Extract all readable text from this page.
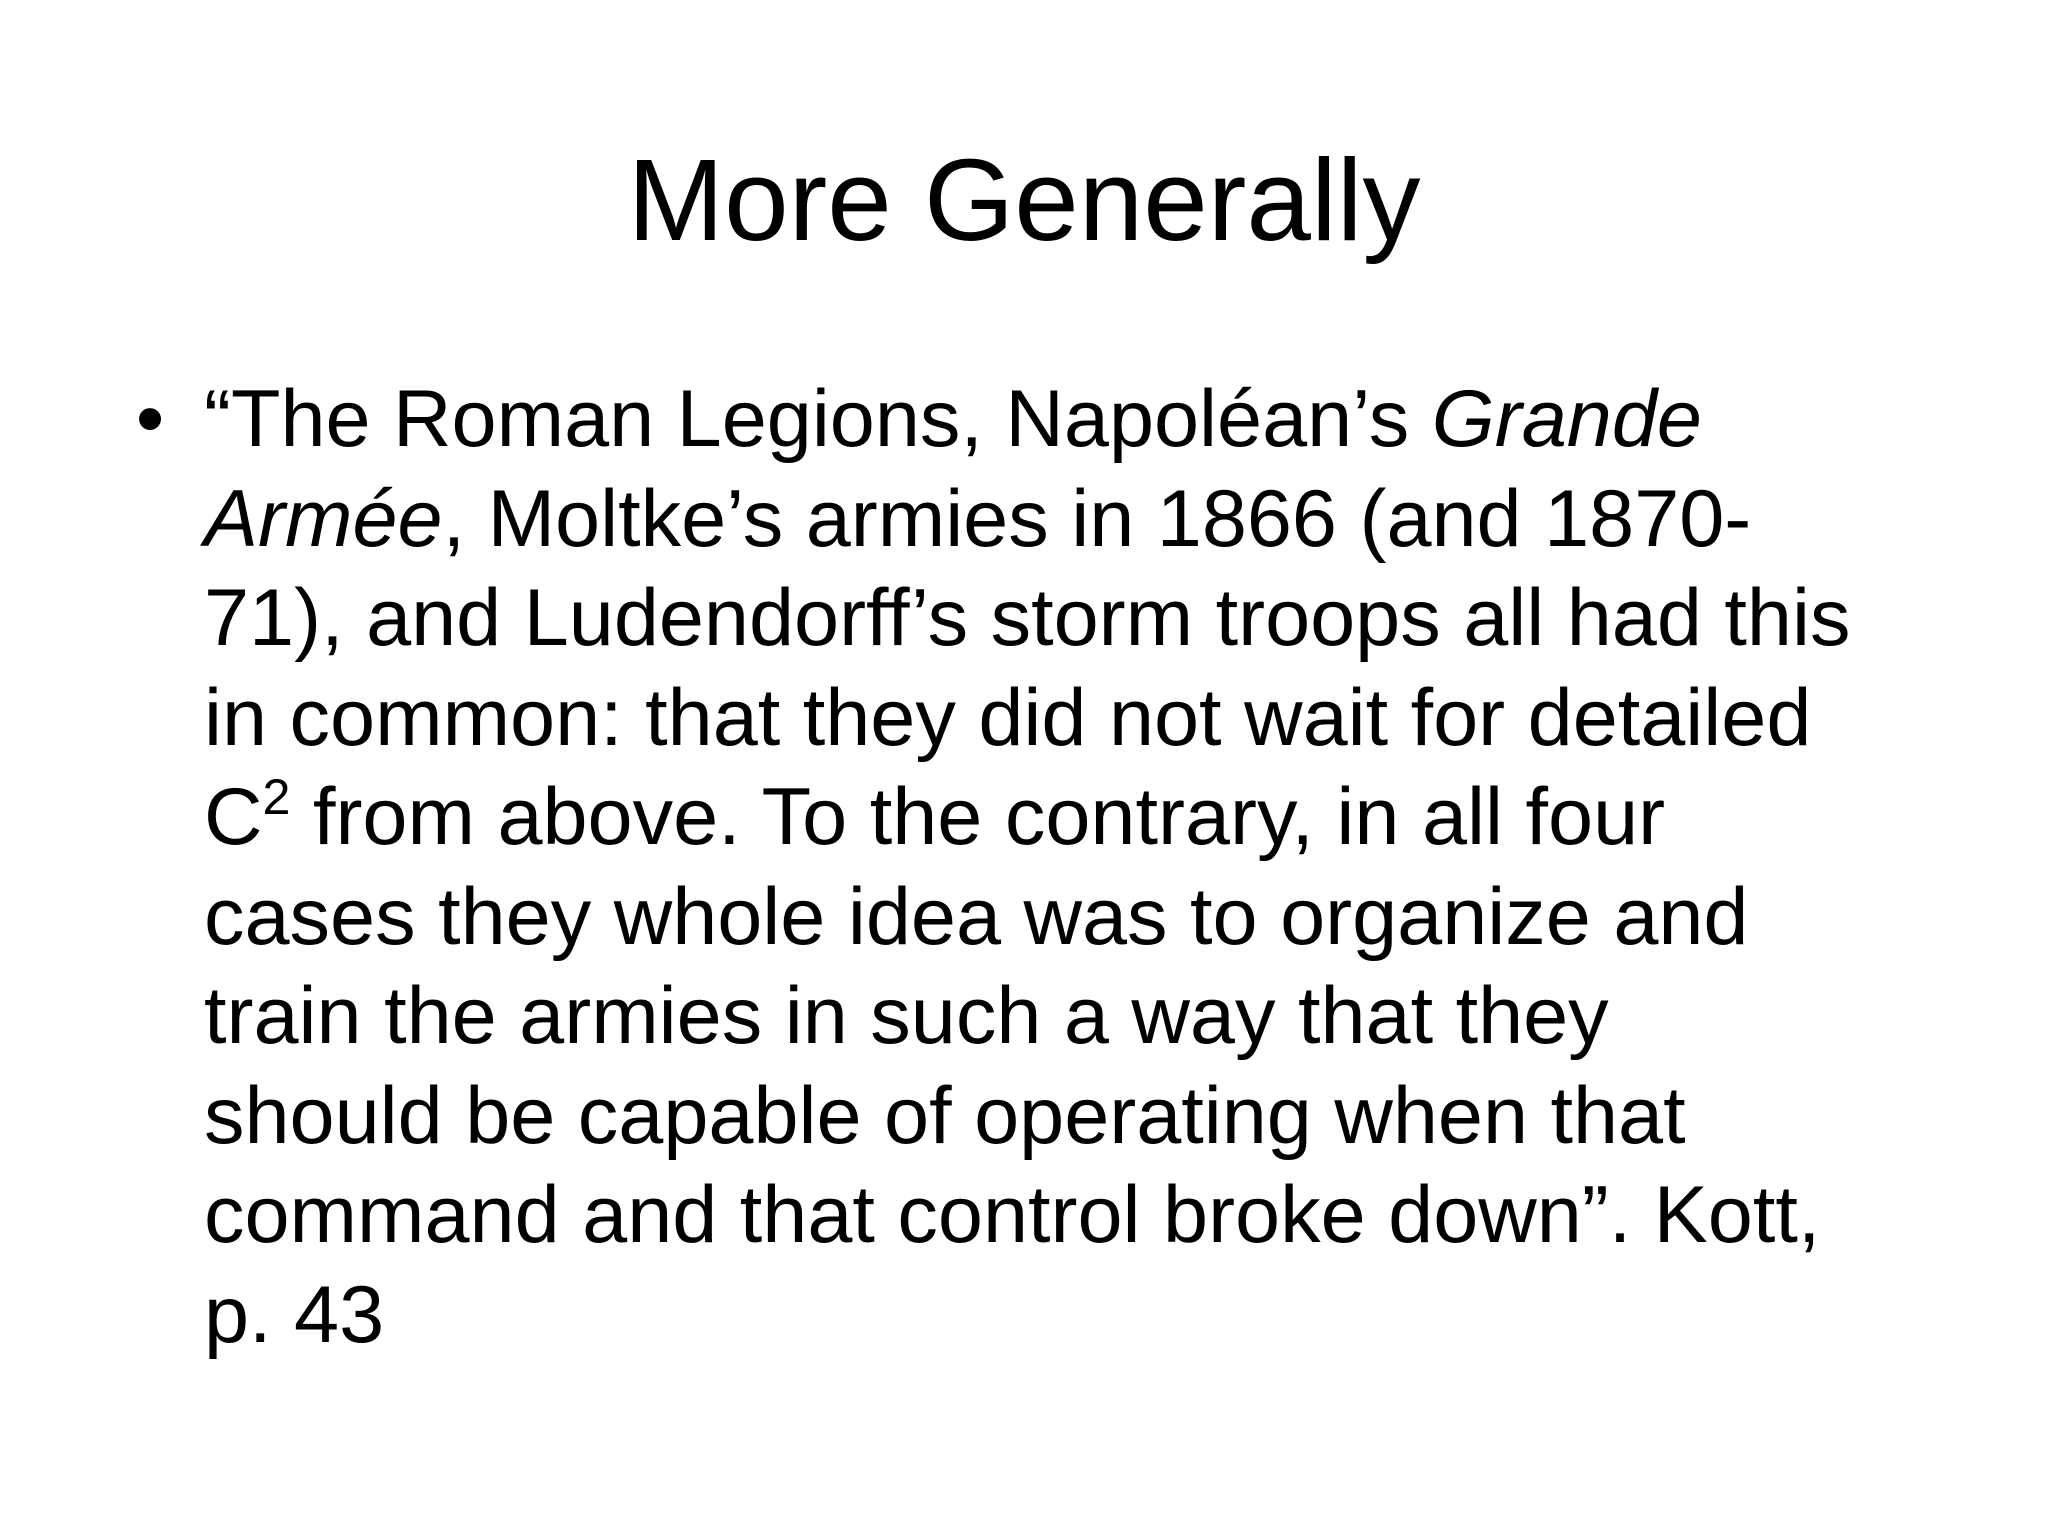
More Generally
• “The Roman Legions, Napoléan’s Grande
Armée, Moltke’s armies in 1866 (and 1870-
71), and Ludendorff’s storm troops all had this
in common: that they did not wait for detailed
$C^2$ from above. To the contrary, in all four
cases they whole idea was to organize and
train the armies in such a way that they
should be capable of operating when that
command and that control broke down”. Kott,
p. 43
